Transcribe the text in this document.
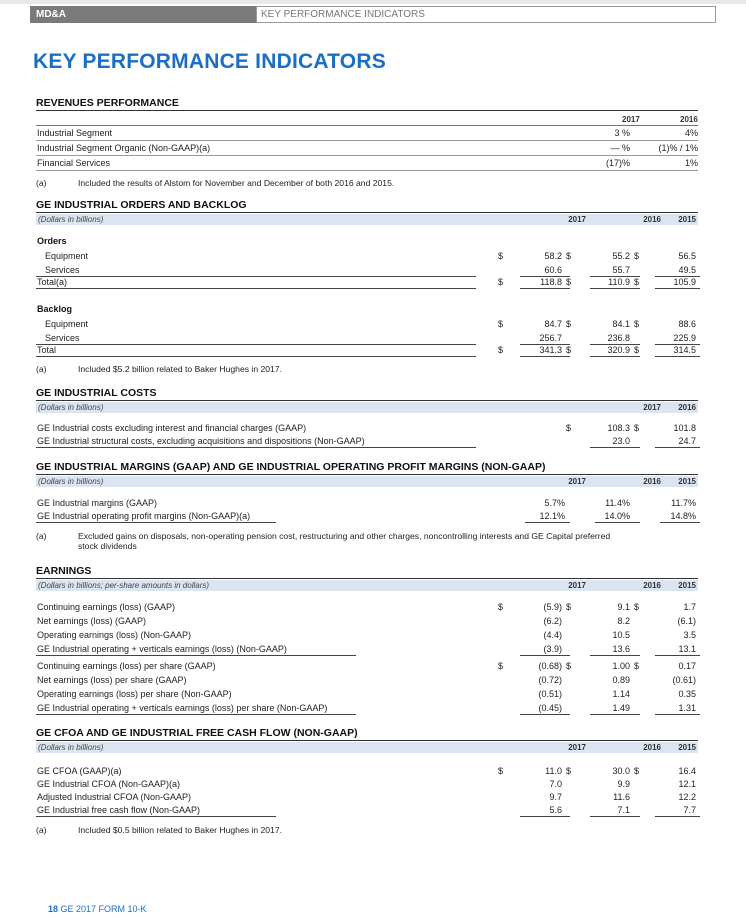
MD&A	KEY PERFORMANCE INDICATORS
KEY PERFORMANCE INDICATORS
REVENUES PERFORMANCE
2017	2016
Industrial Segment	3 %	4%
Industrial Segment Organic (Non-GAAP)(a)	— %	(1)% / 1%
Financial Services	(17)%	1%
(a)	Included the results of Alstom for November and December of both 2016 and 2015.
GE INDUSTRIAL ORDERS AND BACKLOG
(Dollars in billions)	2017	2016	2015
Orders
Equipment	$	58.2 $	55.2 $	56.5
Services	60.6	55.7	49.5
Total(a)	$	118.8 $	110.9 $	105.9
Backlog
Equipment	$	84.7 $	84.1 $	88.6
Services	256.7	236.8	225.9
Total	$	341.3 $	320.9 $	314.5
(a)	Included $5.2 billion related to Baker Hughes in 2017.
GE INDUSTRIAL COSTS
(Dollars in billions)	2017	2016
GE Industrial costs excluding interest and financial charges (GAAP)	$	108.3 $	101.8
GE Industrial structural costs, excluding acquisitions and dispositions (Non-GAAP)	23.0	24.7
GE INDUSTRIAL MARGINS (GAAP) AND GE INDUSTRIAL OPERATING PROFIT MARGINS (NON-GAAP)
(Dollars in billions)	2017	2016	2015
GE Industrial margins (GAAP)	5.7%	11.4%	11.7%
GE Industrial operating profit margins (Non-GAAP)(a)	12.1%	14.0%	14.8%
(a)	Excluded gains on disposals, non-operating pension cost, restructuring and other charges, noncontrolling interests and GE Capital preferred
stock dividends
EARNINGS
(Dollars in billions; per-share amounts in dollars)	2017	2016	2015
Continuing earnings (loss) (GAAP)	$	(5.9) $	9.1 $	1.7
Net earnings (loss) (GAAP)	(6.2)	8.2	(6.1)
Operating earnings (loss) (Non-GAAP)	(4.4)	10.5	3.5
GE Industrial operating + verticals earnings (loss) (Non-GAAP)	(3.9)	13.6	13.1
Continuing earnings (loss) per share (GAAP)	$	(0.68) $	1.00 $	0.17
Net earnings (loss) per share (GAAP)	(0.72)	0.89	(0.61)
Operating earnings (loss) per share (Non-GAAP)	(0.51)	1.14	0.35
GE Industrial operating + verticals earnings (loss) per share (Non-GAAP)	(0.45)	1.49	1.31
GE CFOA AND GE INDUSTRIAL FREE CASH FLOW (NON-GAAP)
(Dollars in billions)	2017	2016	2015
GE CFOA (GAAP)(a)	$	11.0 $	30.0 $	16.4
GE Industrial CFOA (Non-GAAP)(a)	7.0	9.9	12.1
Adjusted Industrial CFOA (Non-GAAP)	9.7	11.6	12.2
GE Industrial free cash flow (Non-GAAP)	5.6	7.1	7.7
(a)	Included $0.5 billion related to Baker Hughes in 2017.
18 GE 2017 FORM 10-K
